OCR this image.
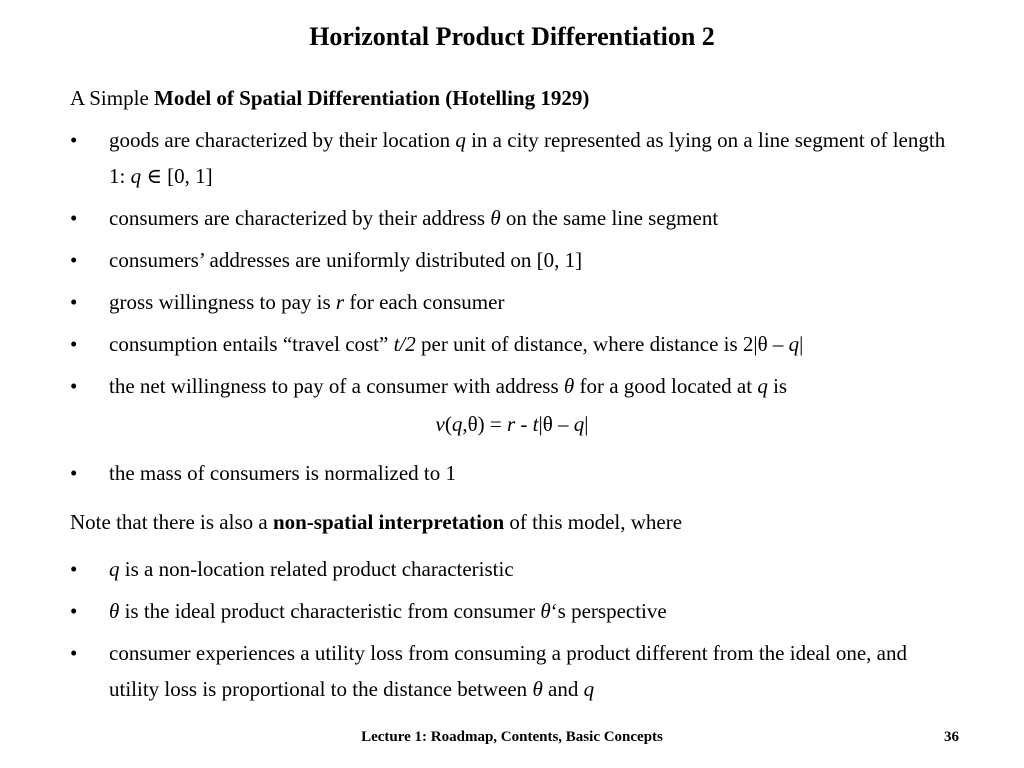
Horizontal Product Differentiation 2
A Simple Model of Spatial Differentiation (Hotelling 1929)
• goods are characterized by their location q in a city represented as lying on a line segment of length 1: q ∈ [0, 1]
• consumers are characterized by their address θ on the same line segment
• consumers’ addresses are uniformly distributed on [0, 1]
• gross willingness to pay is r for each consumer
• consumption entails “travel cost” t/2 per unit of distance, where distance is 2|θ – q|
• the net willingness to pay of a consumer with address θ for a good located at q is
v(q,θ) = r - t|θ – q|
• the mass of consumers is normalized to 1
Note that there is also a non-spatial interpretation of this model, where
• q is a non-location related product characteristic
• θ is the ideal product characteristic from consumer θ‘s perspective
• consumer experiences a utility loss from consuming a product different from the ideal one, and utility loss is proportional to the distance between θ and q
Lecture 1: Roadmap, Contents, Basic Concepts	36
